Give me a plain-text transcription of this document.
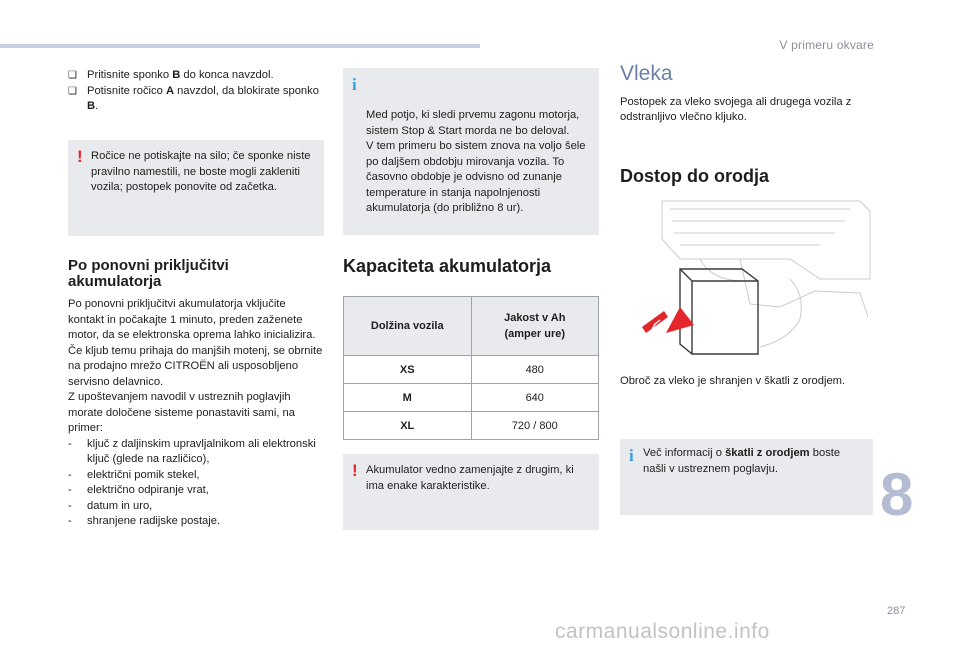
V primeru okvare
❑ Pritisnite sponko B do konca navzdol.
❑ Potisnite ročico A navzdol, da blokirate sponko B.
! Ročice ne potiskajte na silo; če sponke niste pravilno namestili, ne boste mogli zakleniti vozila; postopek ponovite od začetka.

Po ponovni priključitvi akumulatorja
Po ponovni priključitvi akumulatorja vključite kontakt in počakajte 1 minuto, preden zaženete motor, da se elektronska oprema lahko inicializira.
Če kljub temu prihaja do manjših motenj, se obrnite na prodajno mrežo CITROËN ali usposobljeno servisno delavnico.
Z upoštevanjem navodil v ustreznih poglavjih morate določene sisteme ponastaviti sami, na primer:
- ključ z daljinskim upravljalnikom ali elektronski ključ (glede na različico),
- električni pomik stekel,
- električno odpiranje vrat,
- datum in uro,
- shranjene radijske postaje.

i

Med potjo, ki sledi prvemu zagonu motorja, sistem Stop & Start morda ne bo deloval.
V tem primeru bo sistem znova na voljo šele po daljšem obdobju mirovanja vozila. To časovno obdobje je odvisno od zunanje temperature in stanja napolnjenosti akumulatorja (do približno 8 ur).

Kapaciteta akumulatorja
Dolžina vozila	Jakost v Ah
(amper ure)
XS	480
M	640
XL	720 / 800
! Akumulator vedno zamenjajte z drugim, ki ima enake karakteristike.

Vleka
Postopek za vleko svojega ali drugega vozila z odstranljivo vlečno kljuko.
Dostop do orodja
Obroč za vleko je shranjen v škatli z orodjem.
i Več informacij o škatli z orodjem boste našli v ustreznem poglavju.	8
287
carmanualsonline.info
